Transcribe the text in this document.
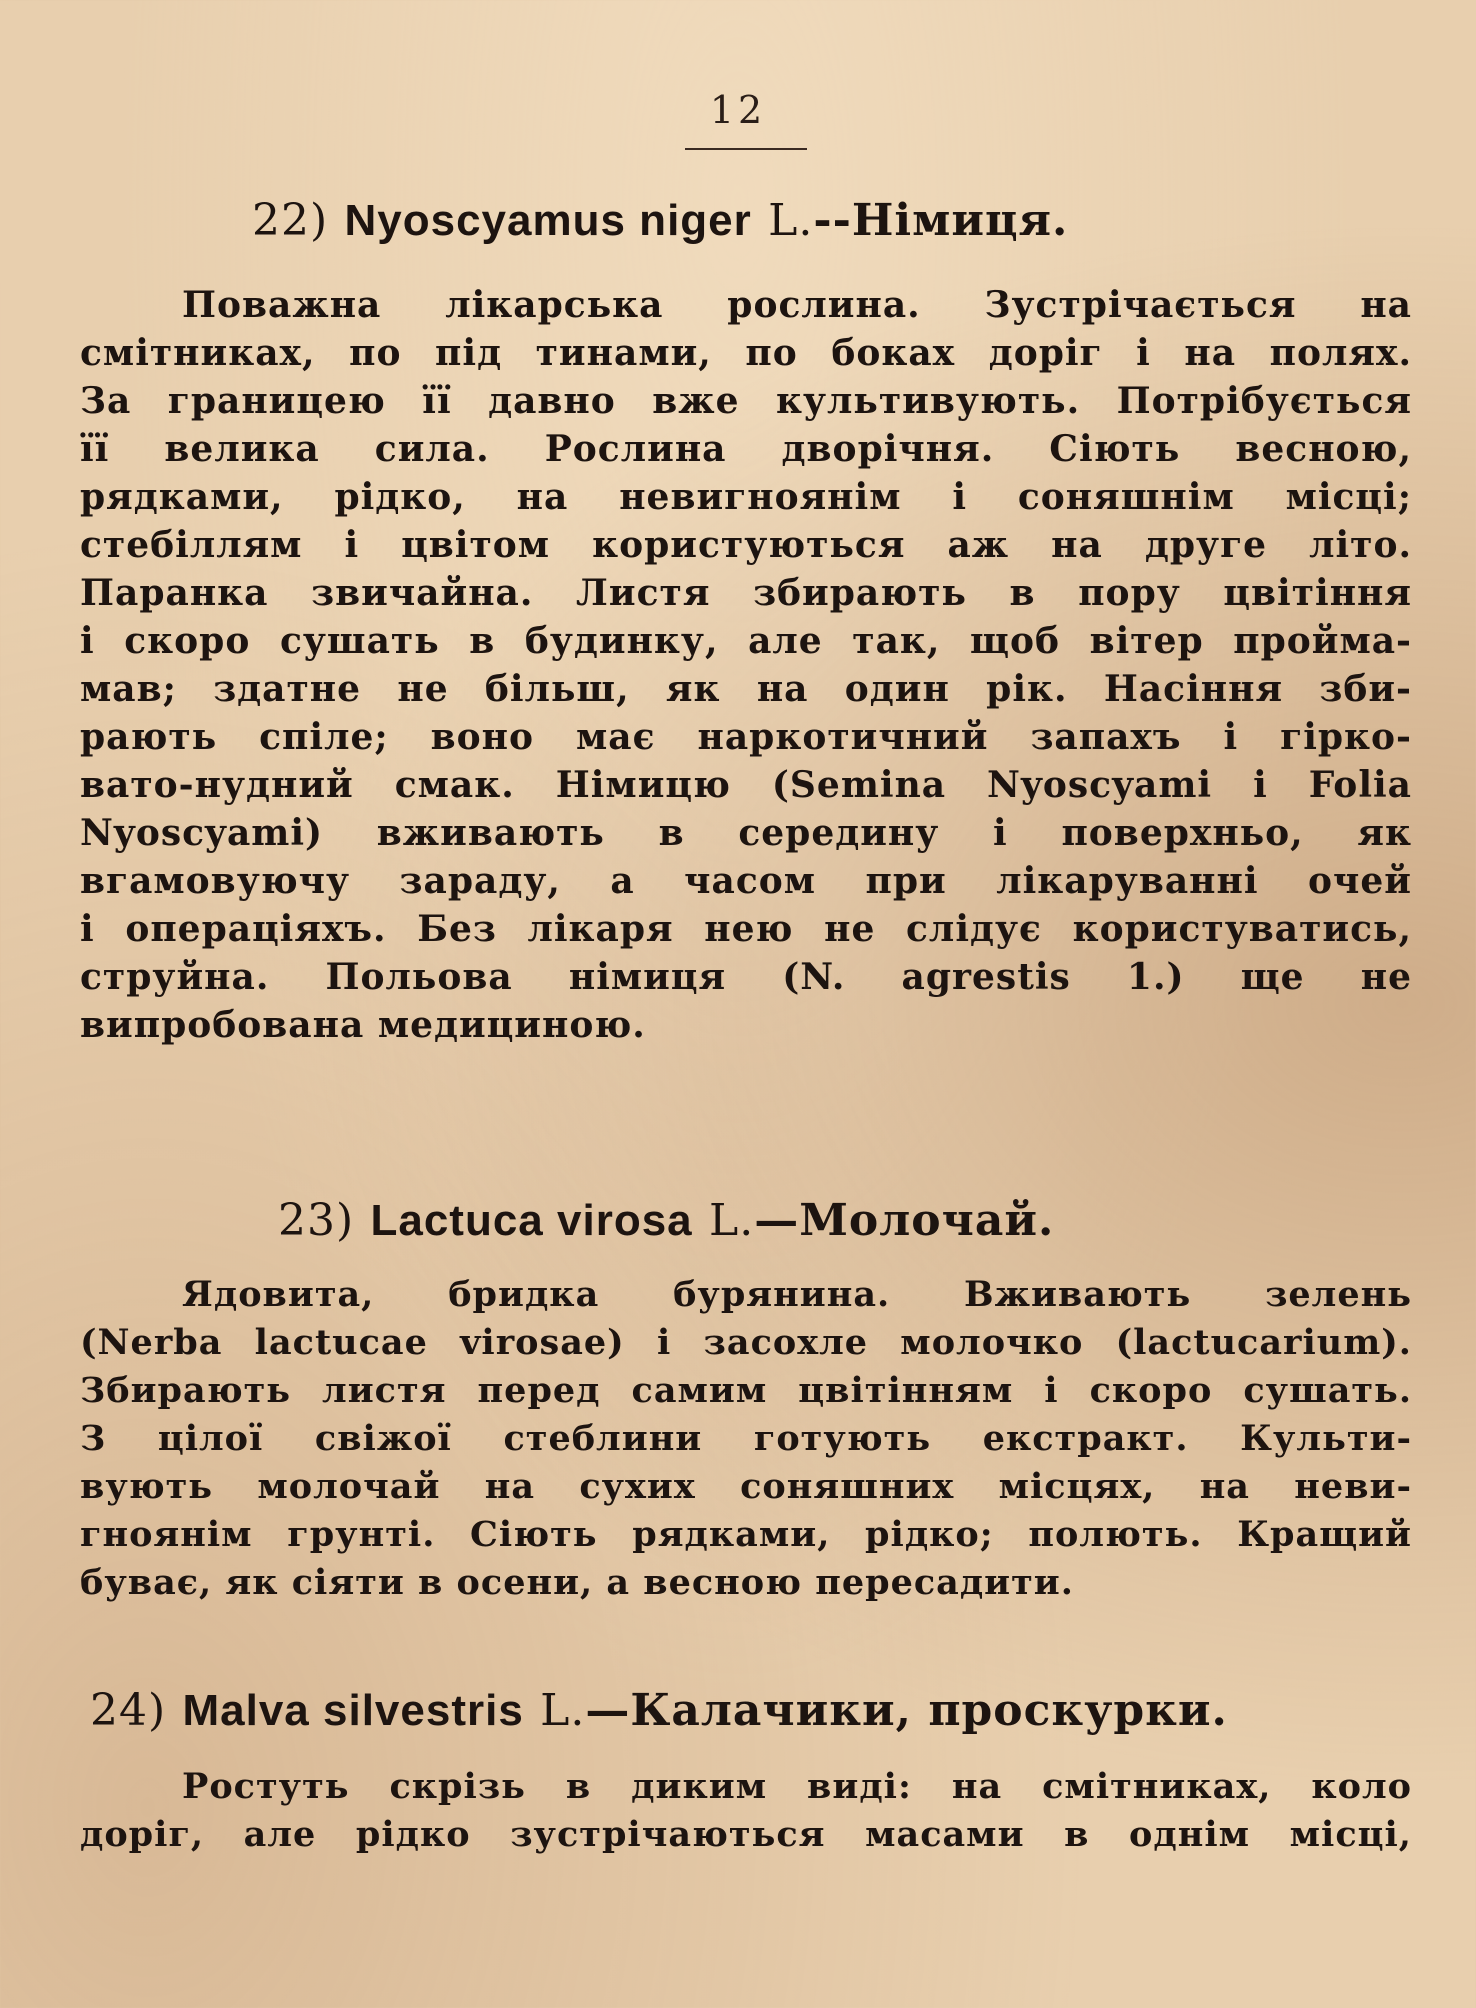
12
22) Nyoscyamus niger L.--Німиця.
Поважна лікарська рослина. Зустрічається на
смітниках, по під тинами, по боках доріг і на полях.
За границею її давно вже культивують. Потрібується
її велика сила. Рослина дворічня. Сіють весною,
рядками, рідко, на невигноянім і соняшнім місці;
стебіллям і цвітом користуються аж на друге літо.
Паранка звичайна. Листя збирають в пору цвітіння
і скоро сушать в будинку, але так, щоб вітер пройма-
мав; здатне не більш, як на один рік. Насіння зби-
рають спіле; воно має наркотичний запахъ і гірко-
вато-нудний смак. Німицю (Semina Nyoscyami і Folia
Nyoscyami) вживають в середину і поверхньо, як
вгамовуючу зараду, а часом при лікаруванні очей
і операціяхъ. Без лікаря нею не слідує користуватись,
струйна. Польова німиця (N. agrestis 1.) ще не
випробована медициною.
23) Lactuca virosa L.—Молочай.
Ядовита, бридка бурянина. Вживають зелень
(Nerba lactucae virosae) і засохле молочко (lactucarium).
Збирають листя перед самим цвітінням і скоро сушать.
З цілої свіжої стеблини готують екстракт. Культи-
вують молочай на сухих соняшних місцях, на неви-
гноянім грунті. Сіють рядками, рідко; полють. Кращий
буває, як сіяти в осени, а весною пересадити.
24) Malva silvestris L.—Калачики, проскурки.
Ростуть скрізь в диким виді: на смітниках, коло
доріг, але рідко зустрічаються масами в однім місці,
